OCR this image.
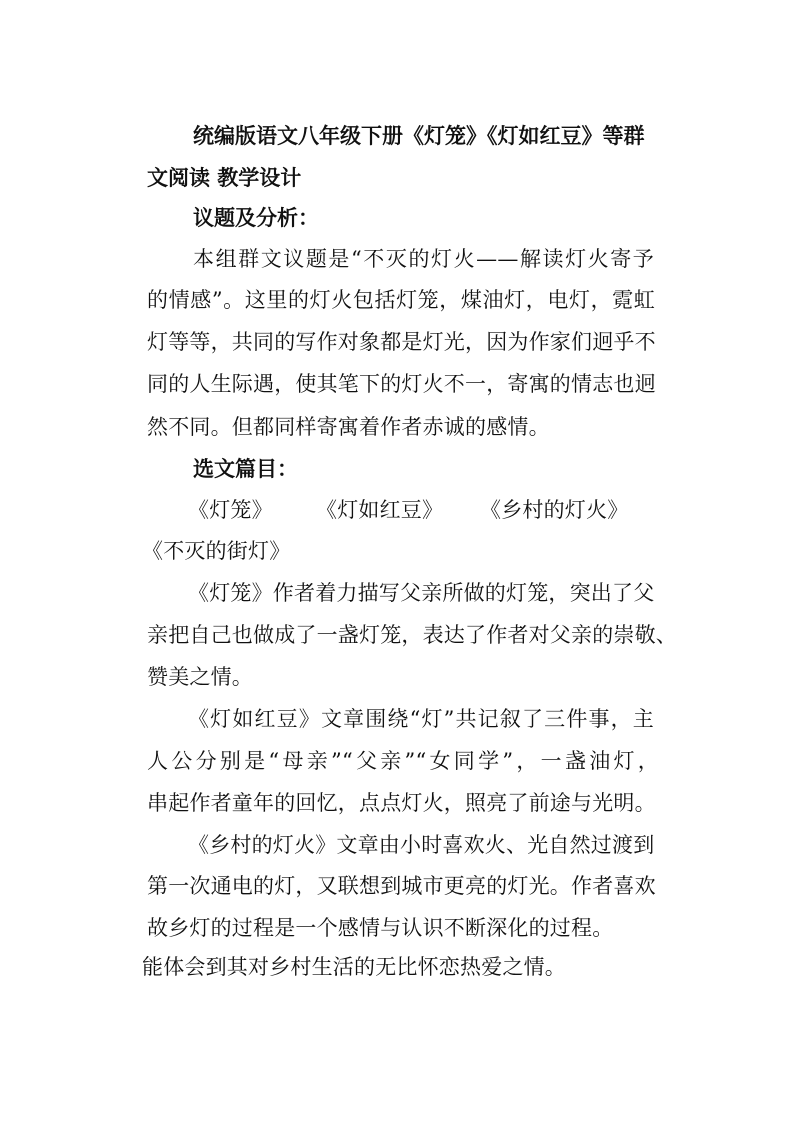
统编版语文八年级下册《灯笼》《灯如红豆》等群
文阅读 教学设计
议题及分析：
本组群文议题是“不灭的灯火——解读灯火寄予
的情感”。这里的灯火包括灯笼，煤油灯，电灯，霓虹
灯等等，共同的写作对象都是灯光，因为作家们迥乎不
同的人生际遇，使其笔下的灯火不一，寄寓的情志也迥
然不同。但都同样寄寓着作者赤诚的感情。
选文篇目：
《灯笼》	《灯如红豆》	《乡村的灯火》
《不灭的街灯》
《灯笼》作者着力描写父亲所做的灯笼，突出了父
亲把自己也做成了一盏灯笼，表达了作者对父亲的崇敬、
赞美之情。
《灯如红豆》文章围绕“灯”共记叙了三件事，主
人公分别是“母亲”“父亲”“女同学”，一盏油灯，
串起作者童年的回忆，点点灯火，照亮了前途与光明。
《乡村的灯火》文章由小时喜欢火、光自然过渡到
第一次通电的灯，又联想到城市更亮的灯光。作者喜欢
故乡灯的过程是一个感情与认识不断深化的过程。
能体会到其对乡村生活的无比怀恋热爱之情。
